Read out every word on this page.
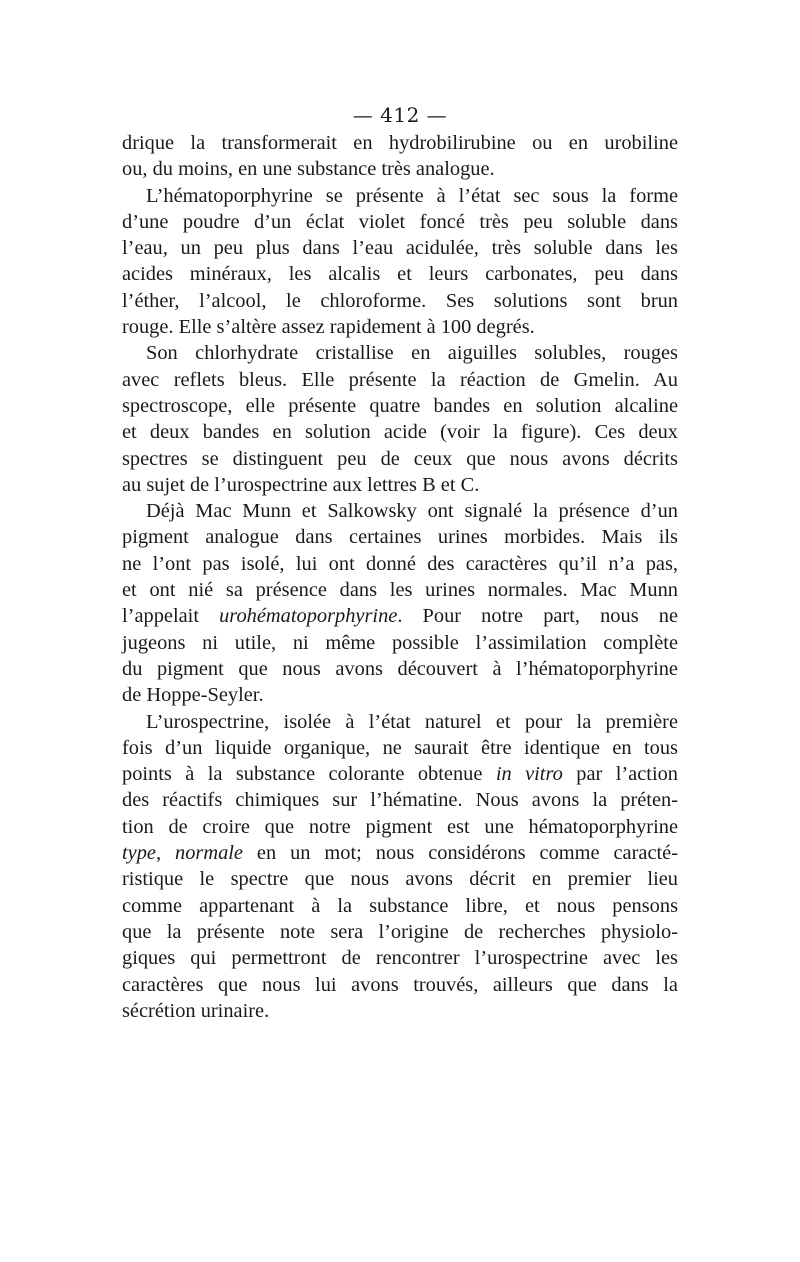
— 412 —
drique la transformerait en hydrobilirubine ou en urobiline
ou, du moins, en une substance très analogue.
L’hématoporphyrine se présente à l’état sec sous la forme
d’une poudre d’un éclat violet foncé très peu soluble dans
l’eau, un peu plus dans l’eau acidulée, très soluble dans les
acides minéraux, les alcalis et leurs carbonates, peu dans
l’éther, l’alcool, le chloroforme. Ses solutions sont brun
rouge. Elle s’altère assez rapidement à 100 degrés.
Son chlorhydrate cristallise en aiguilles solubles, rouges
avec reflets bleus. Elle présente la réaction de Gmelin. Au
spectroscope, elle présente quatre bandes en solution alcaline
et deux bandes en solution acide (voir la figure). Ces deux
spectres se distinguent peu de ceux que nous avons décrits
au sujet de l’urospectrine aux lettres B et C.
Déjà Mac Munn et Salkowsky ont signalé la présence d’un
pigment analogue dans certaines urines morbides. Mais ils
ne l’ont pas isolé, lui ont donné des caractères qu’il n’a pas,
et ont nié sa présence dans les urines normales. Mac Munn
l’appelait urohématoporphyrine. Pour notre part, nous ne
jugeons ni utile, ni même possible l’assimilation complète
du pigment que nous avons découvert à l’hématoporphyrine
de Hoppe-Seyler.
L’urospectrine, isolée à l’état naturel et pour la première
fois d’un liquide organique, ne saurait être identique en tous
points à la substance colorante obtenue in vitro par l’action
des réactifs chimiques sur l’hématine. Nous avons la préten-
tion de croire que notre pigment est une hématoporphyrine
type, normale en un mot; nous considérons comme caracté-
ristique le spectre que nous avons décrit en premier lieu
comme appartenant à la substance libre, et nous pensons
que la présente note sera l’origine de recherches physiolo-
giques qui permettront de rencontrer l’urospectrine avec les
caractères que nous lui avons trouvés, ailleurs que dans la
sécrétion urinaire.
